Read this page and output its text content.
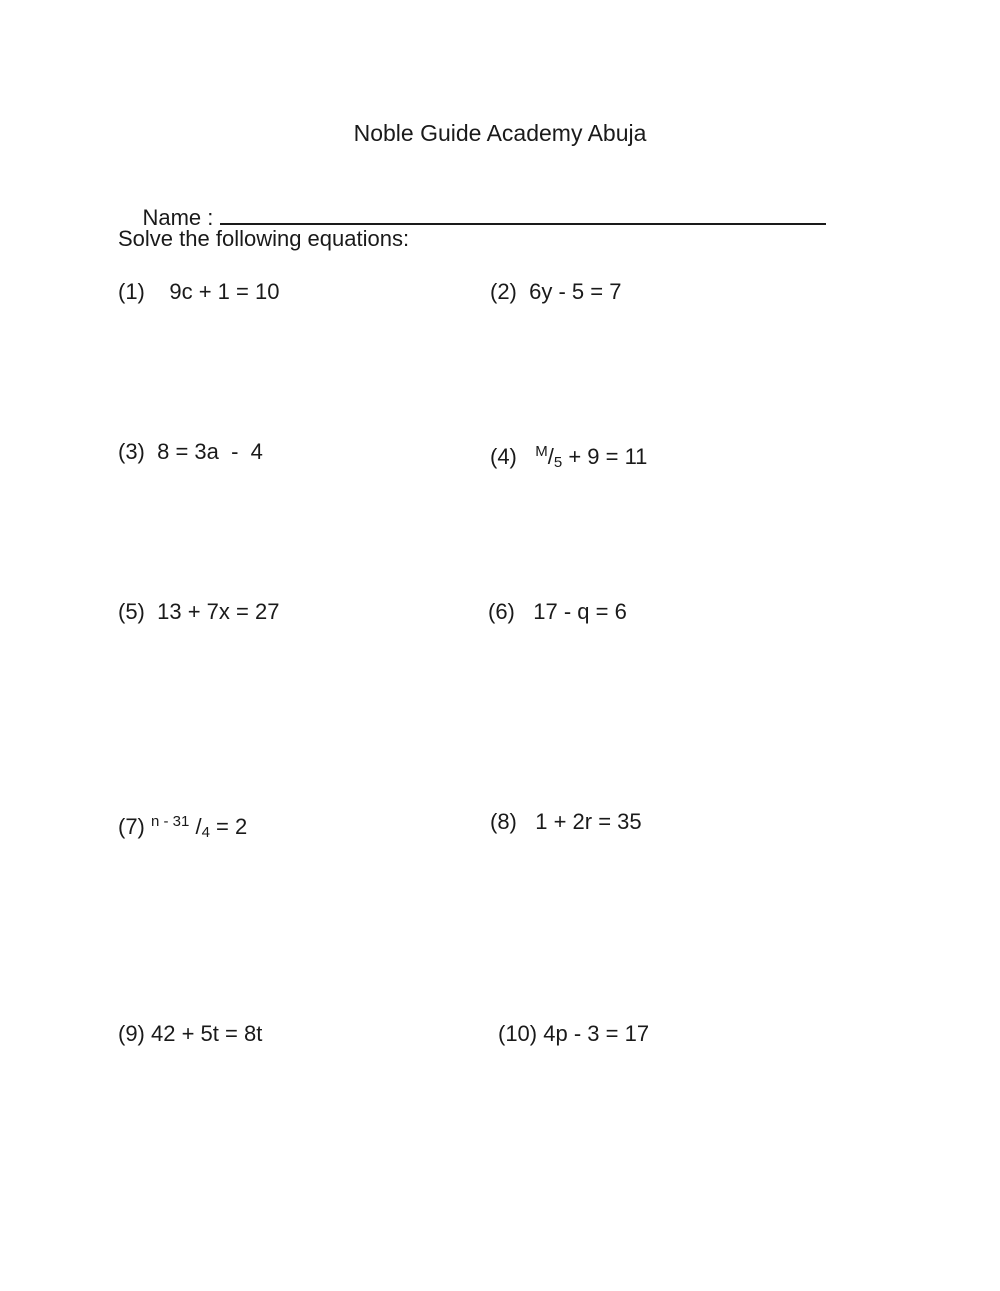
Noble Guide Academy Abuja

Name :

Solve the following equations:
(1)    9c + 1 = 10	(2)  6y - 5 = 7
(3)  8 = 3a  -  4	(4)   $^M/_5 + 9 = 11$
(5)  13 + 7x = 27	(6)   17 - q = 6
(7) $^{n - 31}$ $/_4 = 2$	(8)   1 + 2r = 35
(9) 42 + 5t = 8t	(10) 4p - 3 = 17
